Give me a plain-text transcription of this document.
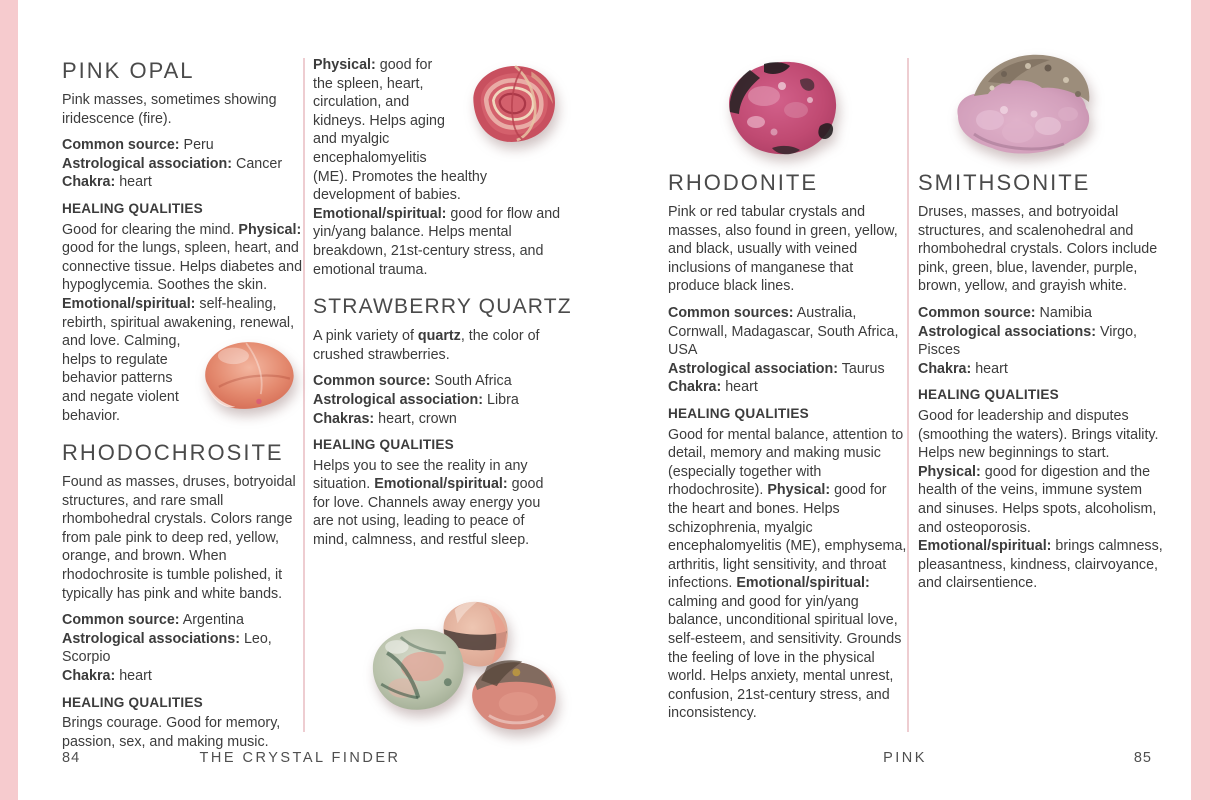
PINK OPAL

Pink masses, sometimes showing iridescence (fire).

Common source: Peru
Astrological association: Cancer
Chakra: heart
HEALING QUALITIES

Good for clearing the mind. Physical: good for the lungs, spleen, heart, and connective tissue. Helps diabetes and hypoglycemia. Soothes the skin. Emotional/spiritual: self-healing, rebirth, spiritual awakening,
renewal, and love. Calming, helps to regulate behavior patterns and negate violent behavior.

RHODOCHROSITE

Found as masses, druses, botryoidal structures, and rare small rhombohedral crystals. Colors range from pale pink to deep red, yellow, orange, and brown. When rhodochrosite is tumble polished, it typically has pink and white bands.

Common source: Argentina
Astrological associations: Leo, Scorpio
Chakra: heart
HEALING QUALITIES

Brings courage. Good for memory, passion, sex, and making music.

Physical: good for the spleen, heart, circulation, and kidneys. Helps aging and myalgic encephalomyelitis (ME). Promotes the healthy development of babies. Emotional/spiritual: good for flow and yin/yang balance. Helps mental breakdown, 21st-century stress, and emotional trauma.

STRAWBERRY QUARTZ

A pink variety of quartz, the color of crushed strawberries.

Common source: South Africa
Astrological association: Libra
Chakras: heart, crown
HEALING QUALITIES

Helps you to see the reality in any situation. Emotional/spiritual: good for love. Channels away energy you are not using, leading to peace of mind, calmness, and restful sleep.

RHODONITE

Pink or red tabular crystals and masses, also found in green, yellow, and black, usually with veined inclusions of manganese that produce black lines.

Common sources: Australia, Cornwall, Madagascar, South Africa, USA
Astrological association: Taurus
Chakra: heart
HEALING QUALITIES

Good for mental balance, attention to detail, memory and making music (especially together with rhodochrosite). Physical: good for the heart and bones. Helps schizophrenia, myalgic encephalomyelitis (ME), emphysema, arthritis, light sensitivity, and throat infections. Emotional/spiritual: calming and good for yin/yang balance, unconditional spiritual love, self-esteem, and sensitivity. Grounds the feeling of love in the physical world. Helps anxiety, mental unrest, confusion, 21st-century stress, and inconsistency.

SMITHSONITE

Druses, masses, and botryoidal structures, and scalenohedral and rhombohedral crystals. Colors include pink, green, blue, lavender, purple, brown, yellow, and grayish white.

Common source: Namibia
Astrological associations: Virgo, Pisces
Chakra: heart
HEALING QUALITIES

Good for leadership and disputes (smoothing the waters). Brings vitality. Helps new beginnings to start. Physical: good for digestion and the health of the veins, immune system and sinuses. Helps spots, alcoholism, and osteoporosis. Emotional/spiritual: brings calmness, pleasantness, kindness, clairvoyance, and clairsentience.

84	THE CRYSTAL FINDER	PINK	85
